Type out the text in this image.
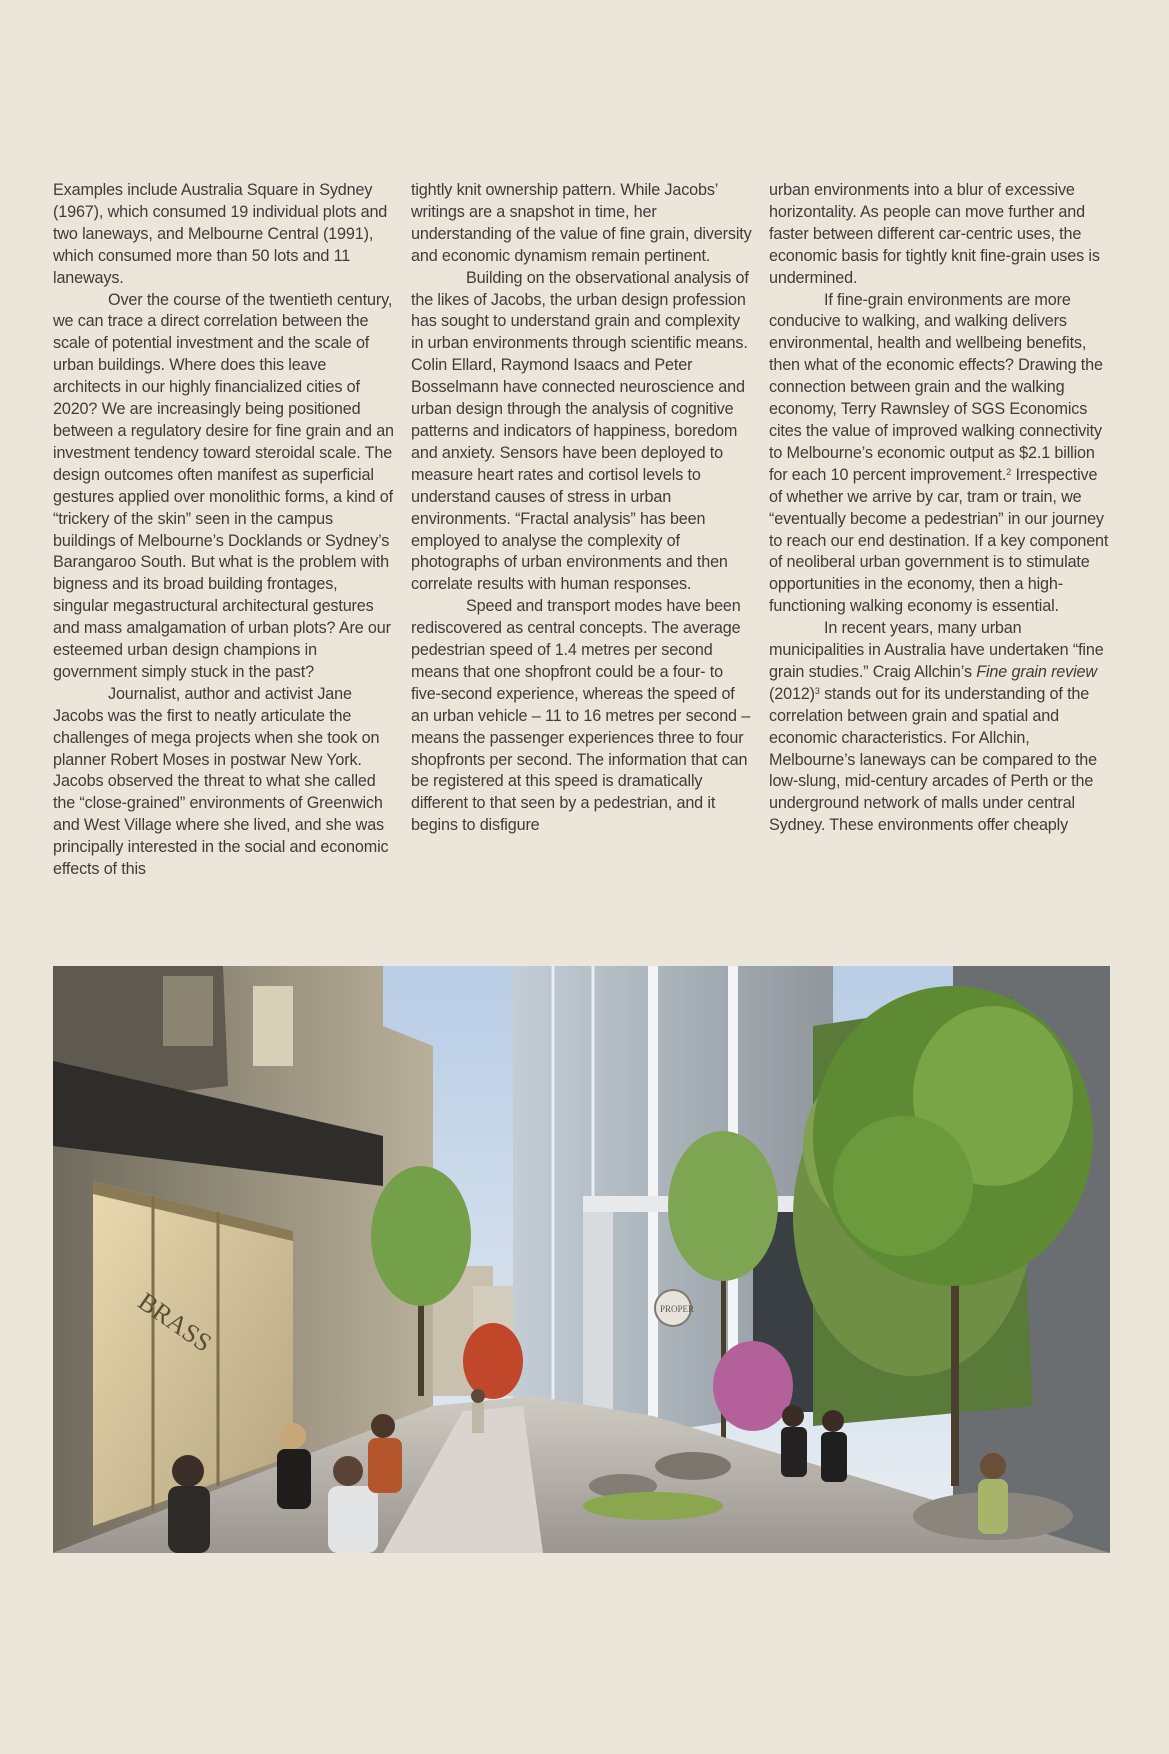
Examples include Australia Square in Sydney (1967), which consumed 19 individual plots and two laneways, and Melbourne Central (1991), which consumed more than 50 lots and 11 laneways.

Over the course of the twentieth century, we can trace a direct correlation between the scale of potential investment and the scale of urban buildings. Where does this leave architects in our highly financialized cities of 2020? We are increasingly being positioned between a regulatory desire for fine grain and an investment tendency toward steroidal scale. The design outcomes often manifest as superficial gestures applied over monolithic forms, a kind of “trickery of the skin” seen in the campus buildings of Melbourne’s Docklands or Sydney’s Barangaroo South. But what is the problem with bigness and its broad building frontages, singular megastructural architectural gestures and mass amalgamation of urban plots? Are our esteemed urban design champions in government simply stuck in the past?

Journalist, author and activist Jane Jacobs was the first to neatly articulate the challenges of mega projects when she took on planner Robert Moses in postwar New York. Jacobs observed the threat to what she called the “close-grained” environments of Greenwich and West Village where she lived, and she was principally interested in the social and economic effects of this

tightly knit ownership pattern. While Jacobs’ writings are a snapshot in time, her understanding of the value of fine grain, diversity and economic dynamism remain pertinent.

Building on the observational analysis of the likes of Jacobs, the urban design profession has sought to understand grain and complexity in urban environments through scientific means. Colin Ellard, Raymond Isaacs and Peter Bosselmann have connected neuroscience and urban design through the analysis of cognitive patterns and indicators of happiness, boredom and anxiety. Sensors have been deployed to measure heart rates and cortisol levels to understand causes of stress in urban environments. “Fractal analysis” has been employed to analyse the complexity of photographs of urban environments and then correlate results with human responses.

Speed and transport modes have been rediscovered as central concepts. The average pedestrian speed of 1.4 metres per second means that one shopfront could be a four- to five-second experience, whereas the speed of an urban vehicle – 11 to 16 metres per second – means the passenger experiences three to four shopfronts per second. The information that can be registered at this speed is dramatically different to that seen by a pedestrian, and it begins to disfigure

urban environments into a blur of excessive horizontality. As people can move further and faster between different car-centric uses, the economic basis for tightly knit fine-grain uses is undermined.

If fine-grain environments are more conducive to walking, and walking delivers environmental, health and wellbeing benefits, then what of the economic effects? Drawing the connection between grain and the walking economy, Terry Rawnsley of SGS Economics cites the value of improved walking connectivity to Melbourne’s economic output as $2.1 billion for each 10 percent improvement.$^2$ Irrespective of whether we arrive by car, tram or train, we “eventually become a pedestrian” in our journey to reach our end destination. If a key component of neoliberal urban government is to stimulate opportunities in the economy, then a high-functioning walking economy is essential.

In recent years, many urban municipalities in Australia have undertaken “fine grain studies.” Craig Allchin’s Fine grain review $(2012)^3$ stands out for its understanding of the correlation between grain and spatial and economic characteristics. For Allchin, Melbourne’s laneways can be compared to the low-slung, mid-century arcades of Perth or the underground network of malls under central Sydney. These environments offer cheaply

BRASS	PROPER
